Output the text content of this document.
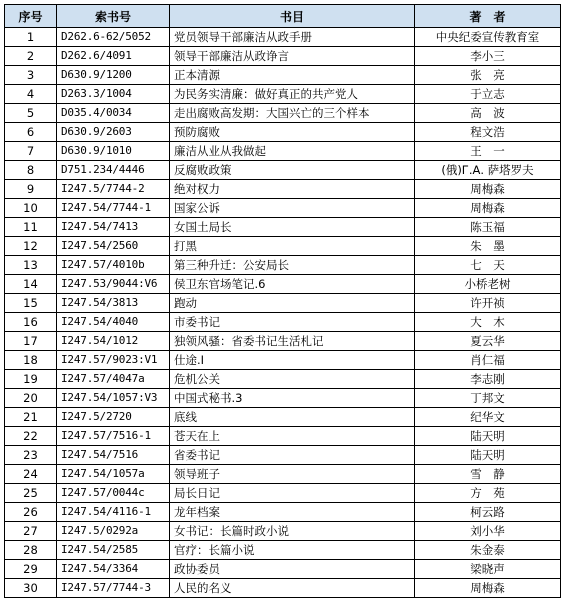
序号	索书号	书目	著　者
1	D262.6-62/5052	党员领导干部廉洁从政手册	中央纪委宣传教育室
2	D262.6/4091	领导干部廉洁从政诤言	李小三
3	D630.9/1200	正本清源	张　亮
4	D263.3/1004	为民务实清廉：做好真正的共产党人	于立志
5	D035.4/0034	走出腐败高发期：大国兴亡的三个样本	高　波
6	D630.9/2603	预防腐败	程文浩
7	D630.9/1010	廉洁从业从我做起	王　一
8	D751.234/4446	反腐败政策	(俄)Г.А. 萨塔罗夫
9	I247.5/7744-2	绝对权力	周梅森
10	I247.54/7744-1	国家公诉	周梅森
11	I247.54/7413	女国土局长	陈玉福
12	I247.54/2560	打黑	朱　墨
13	I247.57/4010b	第三种升迁：公安局长	七　天
14	I247.53/9044:V6	侯卫东官场笔记.6	小桥老树
15	I247.54/3813	跑动	许开祯
16	I247.54/4040	市委书记	大　木
17	I247.54/1012	独领风骚：省委书记生活札记	夏云华
18	I247.57/9023:V1	仕途.I	肖仁福
19	I247.57/4047a	危机公关	李志刚
20	I247.54/1057:V3	中国式秘书.3	丁邦文
21	I247.5/2720	底线	纪华文
22	I247.57/7516-1	苍天在上	陆天明
23	I247.54/7516	省委书记	陆天明
24	I247.54/1057a	领导班子	雪　静
25	I247.57/0044c	局长日记	方　苑
26	I247.54/4116-1	龙年档案	柯云路
27	I247.5/0292a	女书记：长篇时政小说	刘小华
28	I247.54/2585	官疗：长篇小说	朱金泰
29	I247.54/3364	政协委员	梁晓声
30	I247.57/7744-3	人民的名义	周梅森
